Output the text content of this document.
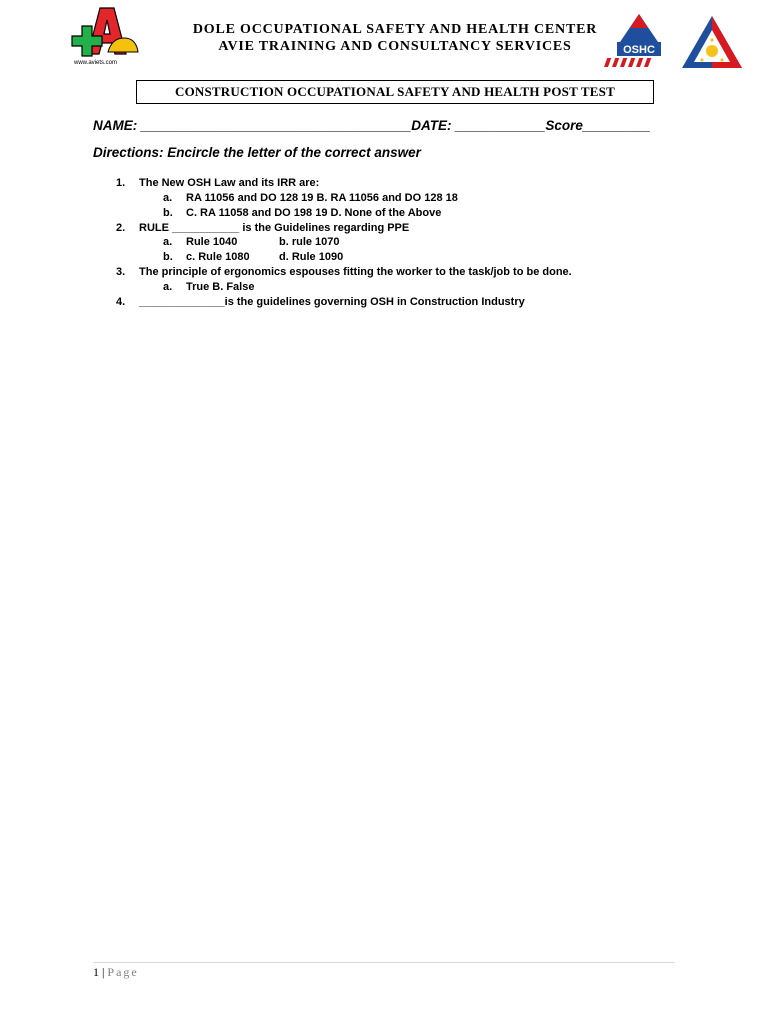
www.aviets.com
DOLE OCCUPATIONAL SAFETY AND HEALTH CENTER
AVIE TRAINING AND CONSULTANCY SERVICES	OSHC
CONSTRUCTION OCCUPATIONAL SAFETY AND HEALTH POST TEST
NAME: ____________________________________DATE: ____________Score_________
Directions: Encircle the letter of the correct answer
1. The New OSH Law and its IRR are:
a. RA 11056 and DO 128 19 B. RA 11056 and DO 128 18
b. C. RA 11058 and DO 198 19 D. None of the Above
2. RULE ___________ is the Guidelines regarding PPE
a. Rule 1040	b. rule 1070
b. c. Rule 1080	d. Rule 1090
3. The principle of ergonomics espouses fitting the worker to the task/job to be done.
a. True B. False
4. ______________is the guidelines governing OSH in Construction Industry
1 | Page
